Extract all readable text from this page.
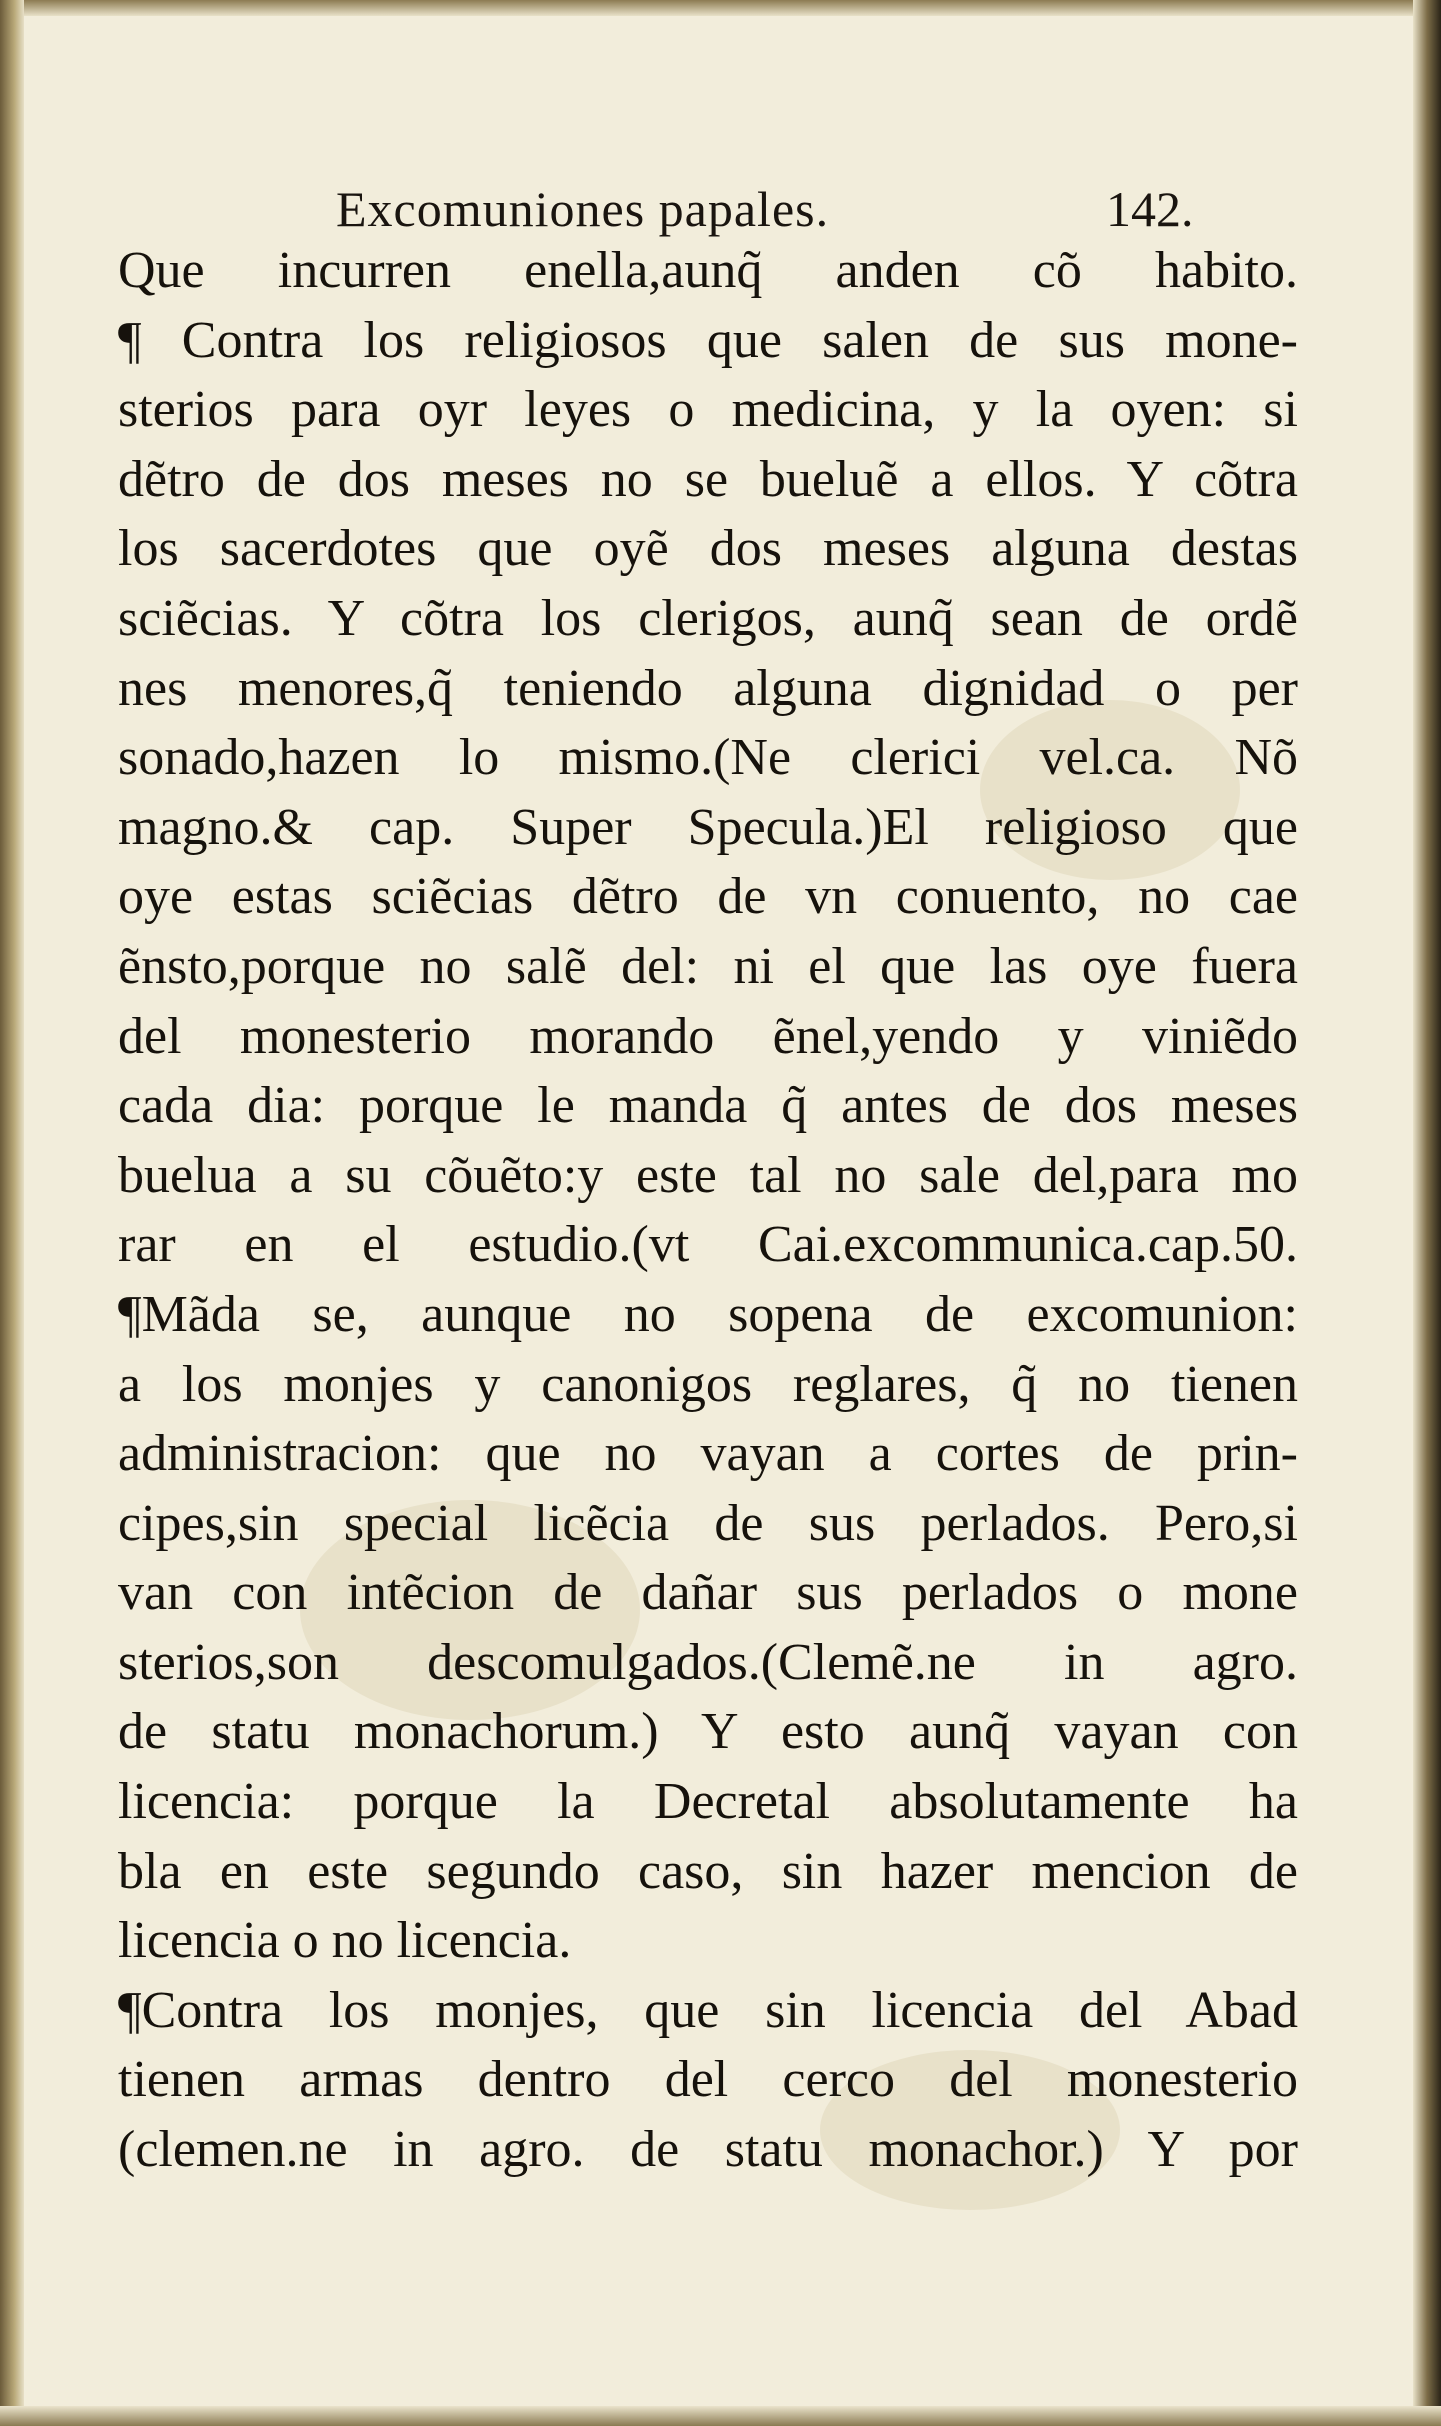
Excomuniones papales.	142.
Que incurren enella,aunq̃ anden cõ habito.
¶ Contra los religiosos que salen de sus mone-
sterios para oyr leyes o medicina, y la oyen: si
dẽtro de dos meses no se bueluẽ a ellos. Y cõtra
los sacerdotes que oyẽ dos meses alguna destas
sciẽcias. Y cõtra los clerigos, aunq̃ sean de ordẽ
nes menores,q̃ teniendo alguna dignidad o per
sonado,hazen lo mismo.(Ne clerici vel.ca. Nõ
magno.& cap. Super Specula.)El religioso que
oye estas sciẽcias dẽtro de vn conuento, no cae
ẽnsto,porque no salẽ del: ni el que las oye fuera
del monesterio morando ẽnel,yendo y viniẽdo
cada dia: porque le manda q̃ antes de dos meses
buelua a su cõuẽto:y este tal no sale del,para mo
rar en el estudio.(vt Cai.excommunica.cap.50.
¶Mãda se, aunque no sopena de excomunion:
a los monjes y canonigos reglares, q̃ no tienen
administracion: que no vayan a cortes de prin-
cipes,sin special licẽcia de sus perlados. Pero,si
van con intẽcion de dañar sus perlados o mone
sterios,son descomulgados.(Clemẽ.ne in agro.
de statu monachorum.) Y esto aunq̃ vayan con
licencia: porque la Decretal absolutamente ha
bla en este segundo caso, sin hazer mencion de
licencia o no licencia.
¶Contra los monjes, que sin licencia del Abad
tienen armas dentro del cerco del monesterio
(clemen.ne in agro. de statu monachor.) Y por
